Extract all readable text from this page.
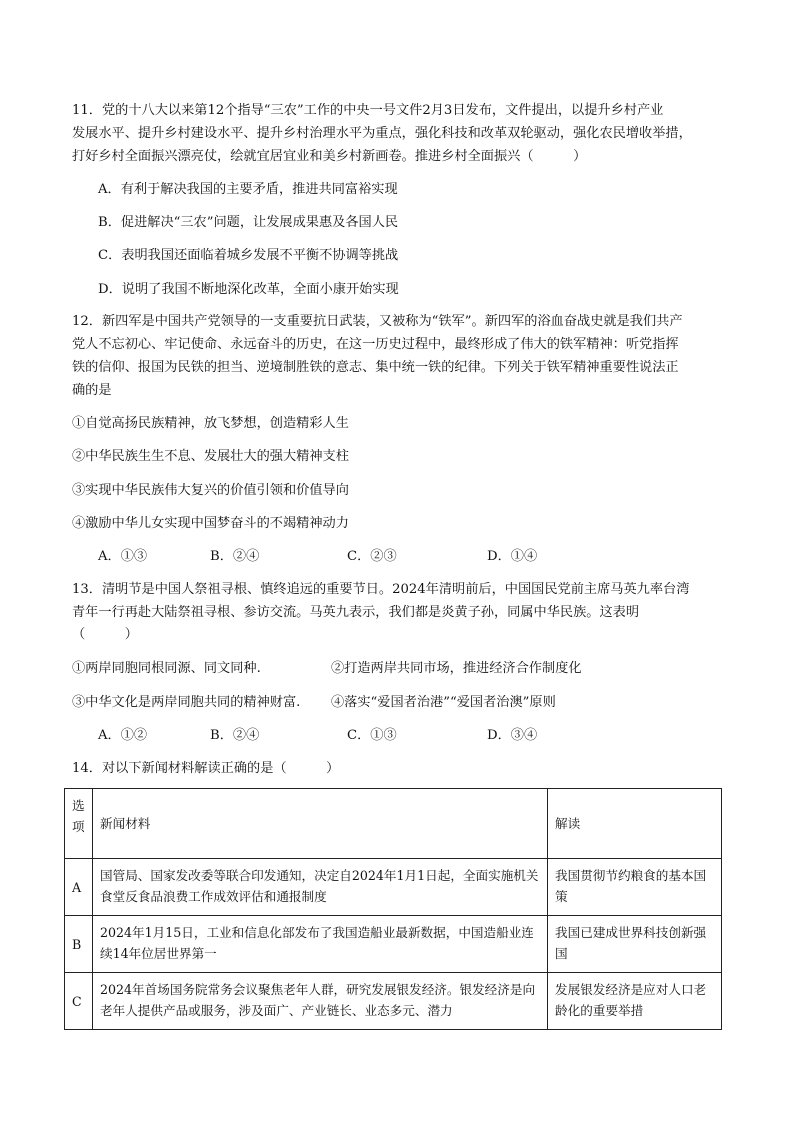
11．党的十八大以来第12个指导“三农”工作的中央一号文件2月3日发布，文件提出，以提升乡村产业
发展水平、提升乡村建设水平、提升乡村治理水平为重点，强化科技和改革双轮驱动，强化农民增收举措，
打好乡村全面振兴漂亮仗，绘就宜居宜业和美乡村新画卷。推进乡村全面振兴（　　　）
A．有利于解决我国的主要矛盾，推进共同富裕实现
B．促进解决“三农”问题，让发展成果惠及各国人民
C．表明我国还面临着城乡发展不平衡不协调等挑战
D．说明了我国不断地深化改革，全面小康开始实现
12．新四军是中国共产党领导的一支重要抗日武装，又被称为“铁军”。新四军的浴血奋战史就是我们共产
党人不忘初心、牢记使命、永远奋斗的历史，在这一历史过程中，最终形成了伟大的铁军精神：听党指挥
铁的信仰、报国为民铁的担当、逆境制胜铁的意志、集中统一铁的纪律。下列关于铁军精神重要性说法正
确的是
①自觉高扬民族精神，放飞梦想，创造精彩人生
②中华民族生生不息、发展壮大的强大精神支柱
③实现中华民族伟大复兴的价值引领和价值导向
④激励中华儿女实现中国梦奋斗的不竭精神动力
A．①③	B．②④	C．②③	D．①④
13．清明节是中国人祭祖寻根、慎终追远的重要节日。2024年清明前后，中国国民党前主席马英九率台湾
青年一行再赴大陆祭祖寻根、参访交流。马英九表示，我们都是炎黄子孙，同属中华民族。这表明
（　　　）
①两岸同胞同根同源、同文同种.	②打造两岸共同市场，推进经济合作制度化
③中华文化是两岸同胞共同的精神财富. ④落实“爱国者治港”“爱国者治澳”原则
A．①②	B．②④	C．①③	D．③④
14．对以下新闻材料解读正确的是（　　　）
选项	新闻材料	解读
A	国管局、国家发改委等联合印发通知，决定自2024年1月1日起，全面实施机关食堂反食品浪费工作成效评估和通报制度	我国贯彻节约粮食的基本国策
B	2024年1月15日，工业和信息化部发布了我国造船业最新数据，中国造船业连续14年位居世界第一	我国已建成世界科技创新强国
C	2024年首场国务院常务会议聚焦老年人群，研究发展银发经济。银发经济是向老年人提供产品或服务，涉及面广、产业链长、业态多元、潜力	发展银发经济是应对人口老龄化的重要举措
